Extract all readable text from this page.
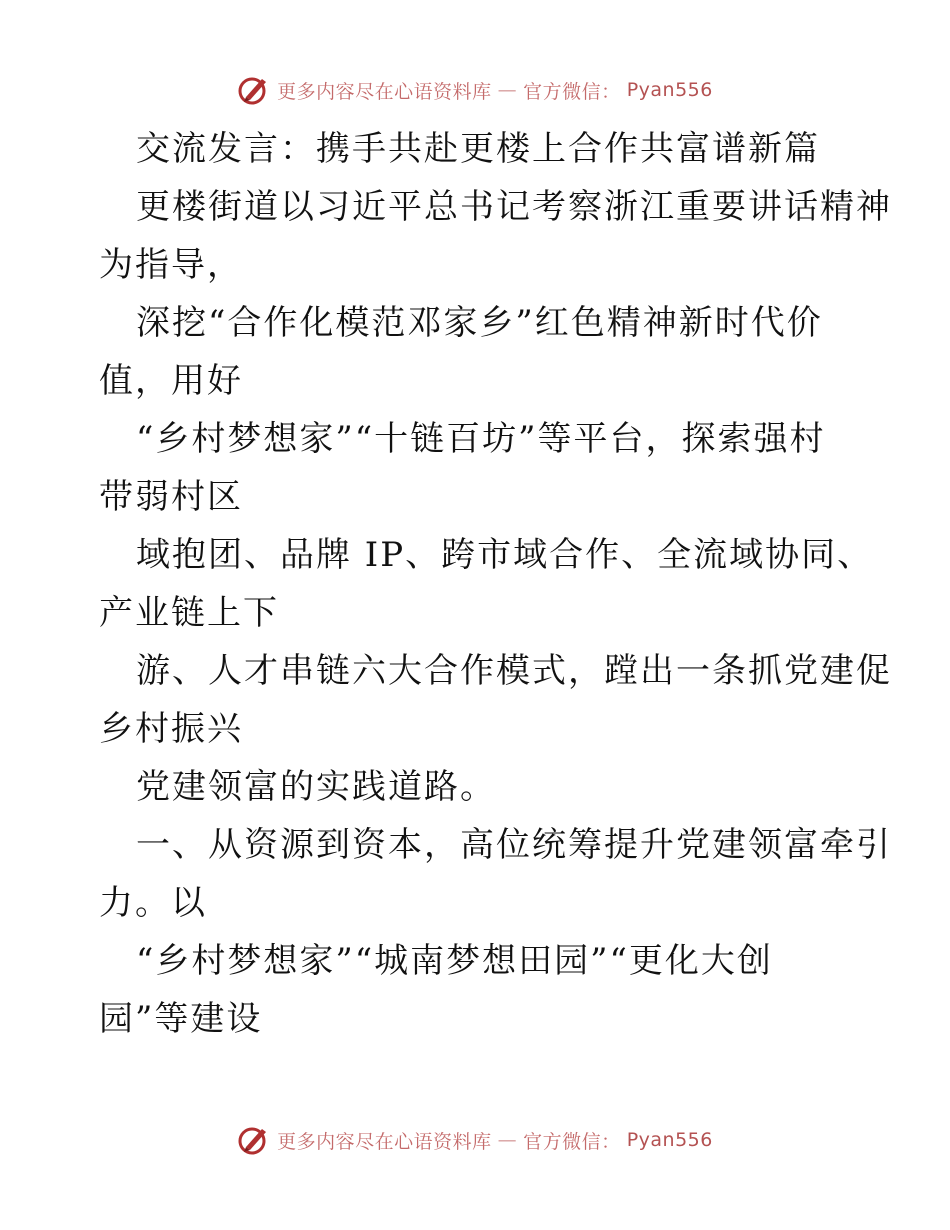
更多内容尽在心语资料库 — 官方微信： Pyan556
交流发言：携手共赴更楼上合作共富谱新篇
更楼街道以习近平总书记考察浙江重要讲话精神
为指导，
深挖“合作化模范邓家乡”红色精神新时代价
值，用好
“乡村梦想家”“十链百坊”等平台，探索强村
带弱村区
域抱团、品牌 IP、跨市域合作、全流域协同、
产业链上下
游、人才串链六大合作模式，蹚出一条抓党建促
乡村振兴
党建领富的实践道路。
一、从资源到资本，高位统筹提升党建领富牵引
力。以
“乡村梦想家”“城南梦想田园”“更化大创
园”等建设
更多内容尽在心语资料库 — 官方微信： Pyan556
